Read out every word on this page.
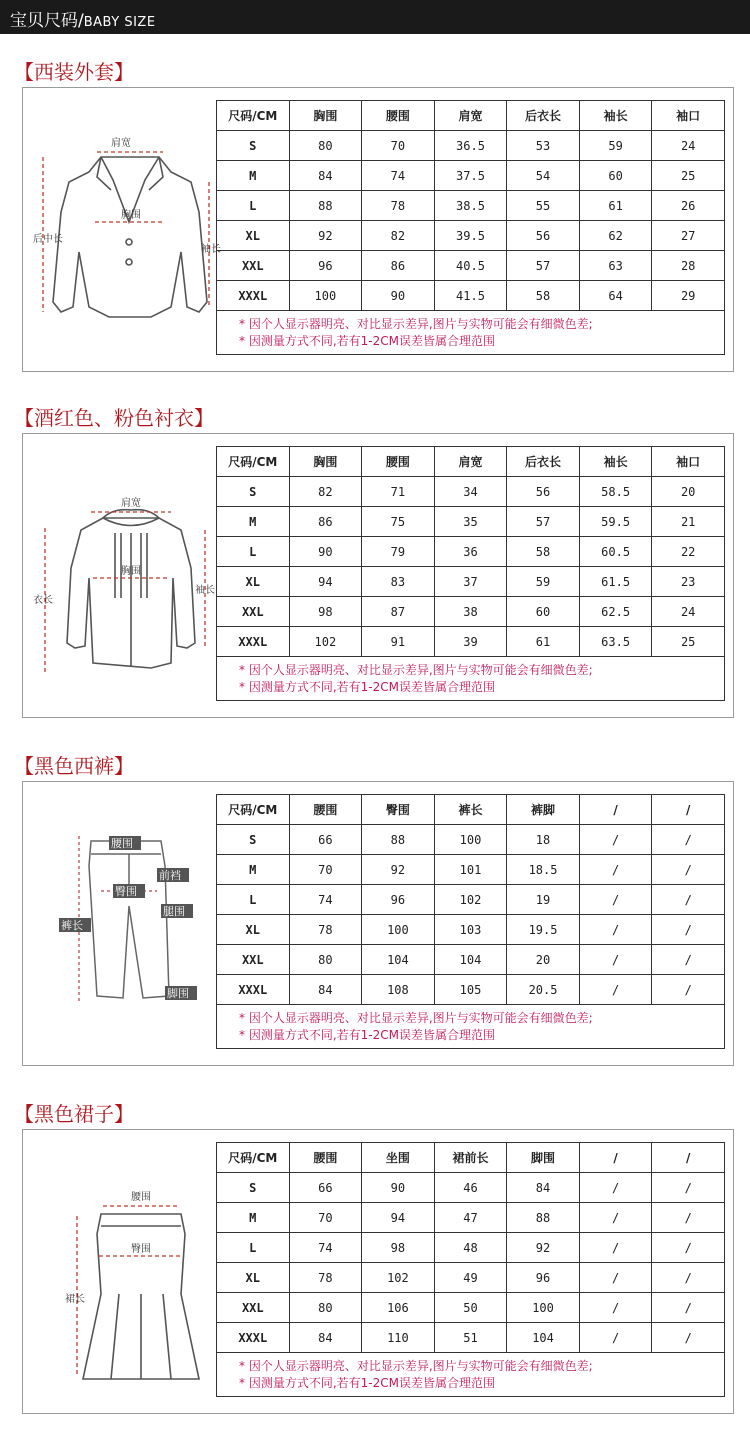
宝贝尺码/BABY SIZE
【西装外套】
肩宽
胸围
袖长
后中长
尺码/CM	胸围	腰围	肩宽	后衣长	袖长	袖口
S	80	70	36.5	53	59	24
M	84	74	37.5	54	60	25
L	88	78	38.5	55	61	26
XL	92	82	39.5	56	62	27
XXL	96	86	40.5	57	63	28
XXXL	100	90	41.5	58	64	29

* 因个人显示器明亮、对比显示差异,图片与实物可能会有细微色差;
* 因测量方式不同,若有1-2CM误差皆属合理范围						
【酒红色、粉色衬衣】
肩宽
胸围
衣长
袖长
尺码/CM	胸围	腰围	肩宽	后衣长	袖长	袖口
S	82	71	34	56	58.5	20
M	86	75	35	57	59.5	21
L	90	79	36	58	60.5	22
XL	94	83	37	59	61.5	23
XXL	98	87	38	60	62.5	24
XXXL	102	91	39	61	63.5	25

* 因个人显示器明亮、对比显示差异,图片与实物可能会有细微色差;
* 因测量方式不同,若有1-2CM误差皆属合理范围						
【黑色西裤】
腰围
前裆
臀围
腿围
裤长
脚围
尺码/CM	腰围	臀围	裤长	裤脚	/	/
S	66	88	100	18	/	/
M	70	92	101	18.5	/	/
L	74	96	102	19	/	/
XL	78	100	103	19.5	/	/
XXL	80	104	104	20	/	/
XXXL	84	108	105	20.5	/	/

* 因个人显示器明亮、对比显示差异,图片与实物可能会有细微色差;
* 因测量方式不同,若有1-2CM误差皆属合理范围						
【黑色裙子】
腰围
臀围
裙长
尺码/CM	腰围	坐围	裙前长	脚围	/	/
S	66	90	46	84	/	/
M	70	94	47	88	/	/
L	74	98	48	92	/	/
XL	78	102	49	96	/	/
XXL	80	106	50	100	/	/
XXXL	84	110	51	104	/	/

* 因个人显示器明亮、对比显示差异,图片与实物可能会有细微色差;
* 因测量方式不同,若有1-2CM误差皆属合理范围						
